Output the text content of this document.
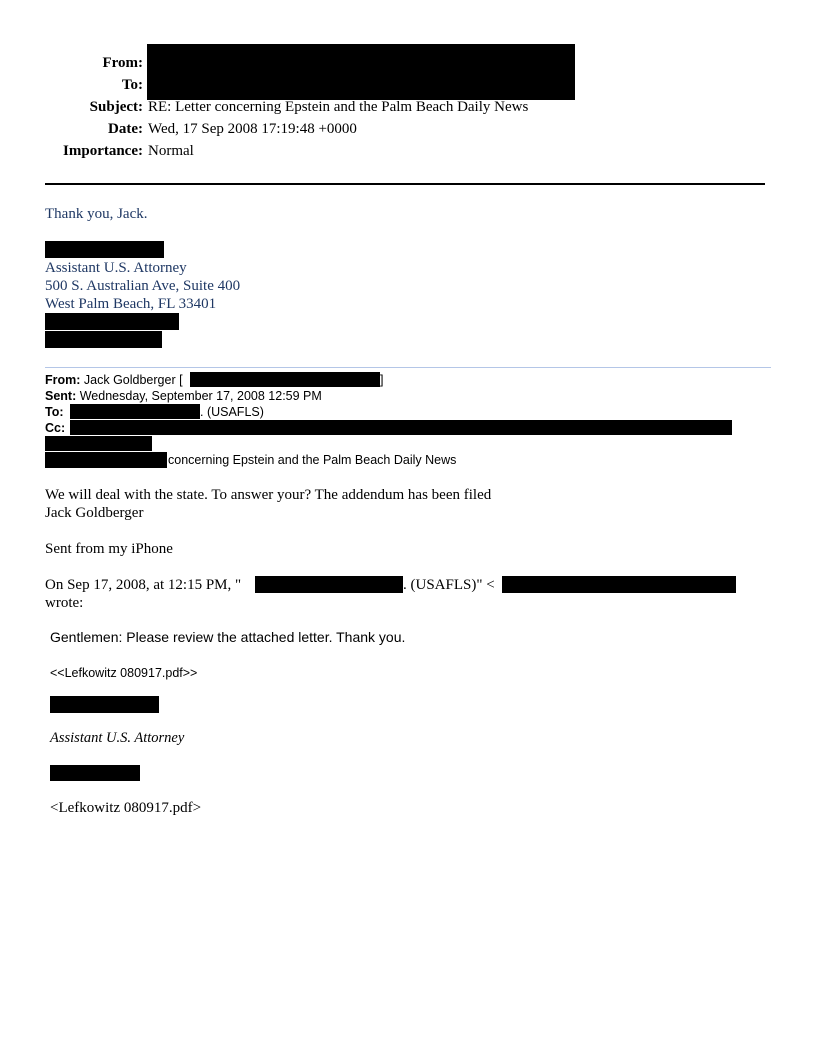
From:
To:
Subject: RE: Letter concerning Epstein and the Palm Beach Daily News
Date: Wed, 17 Sep 2008 17:19:48 +0000
Importance: Normal
Thank you, Jack.
Assistant U.S. Attorney
500 S. Australian Ave, Suite 400
West Palm Beach, FL 33401
From: Jack Goldberger [	]
Sent: Wednesday, September 17, 2008 12:59 PM
To:	. (USAFLS)
Cc:
concerning Epstein and the Palm Beach Daily News
We will deal with the state. To answer your? The addendum has been filed
Jack Goldberger
Sent from my iPhone
On Sep 17, 2008, at 12:15 PM, "	. (USAFLS)" <
wrote:
Gentlemen: Please review the attached letter. Thank you.
<<Lefkowitz 080917.pdf>>
Assistant U.S. Attorney
<Lefkowitz 080917.pdf>
